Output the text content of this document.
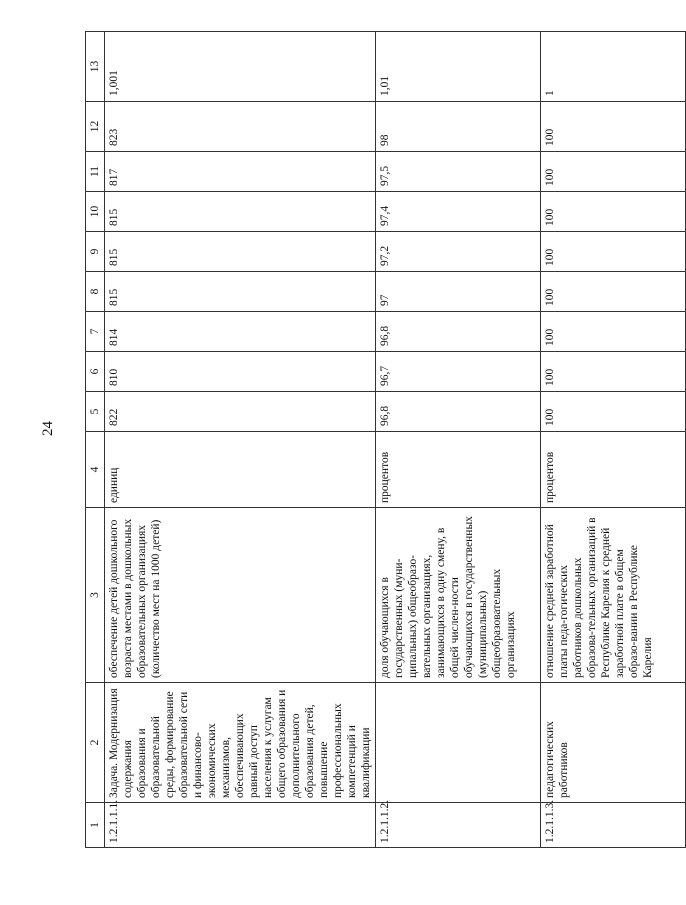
24
1	2	3	4	5	6	7	8	9	10	11	12	13
1.2.1.1.1.	Задача. Модернизация содержания образования и образовательной среды, формирование образовательной сети и финансово-экономических механизмов, обеспечивающих равный доступ населения к услугам общего образования и дополнительного образования детей, повышение профессиональных компетенций и квалификации	обеспечение детей дошкольного возраста местами в дошкольных образовательных организациях (количество мест на 1000 детей)	единиц	822	810	814	815	815	815	817	823	1,001
1.2.1.1.2.		доля обучающихся в государственных (муни-ципальных) общеобразо-вательных организациях, занимающихся в одну смену, в общей числен-ности обучающихся в государственных (муниципальных) общеобразовательных организациях	процентов	96,8	96,7	96,8	97	97,2	97,4	97,5	98	1,01
1.2.1.1.3.	педагогических работников	отношение средней заработной платы педа-гогических работников дошкольных образова-тельных организаций в Республике Карелия к средней заработной плате в общем образо-вании в Республике Карелия	процентов	100	100	100	100	100	100	100	100	1
